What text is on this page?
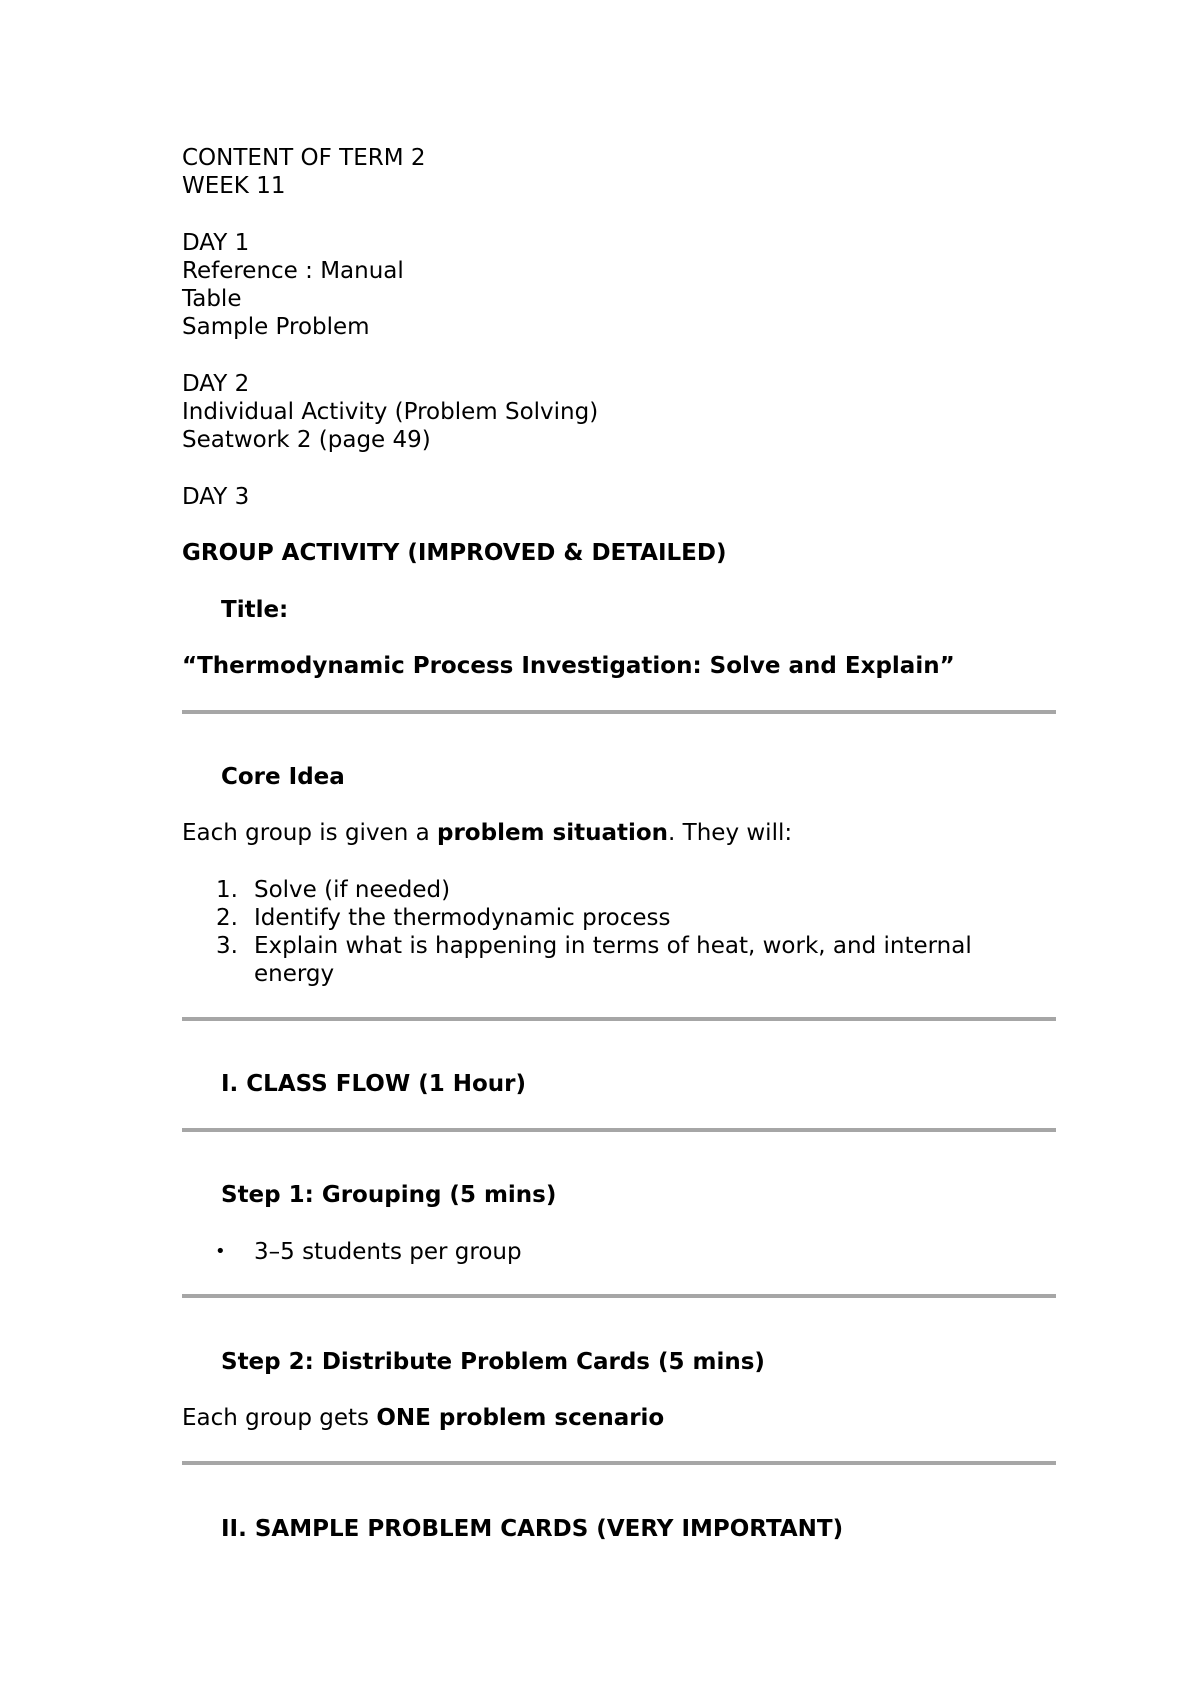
CONTENT OF TERM 2

WEEK 11

DAY 1

Reference : Manual

Table

Sample Problem

DAY 2

Individual Activity (Problem Solving)

Seatwork 2 (page 49)

DAY 3

GROUP ACTIVITY (IMPROVED & DETAILED)

Title:

“Thermodynamic Process Investigation: Solve and Explain”

Core Idea

Each group is given a problem situation. They will:

1. Solve (if needed)

2. Identify the thermodynamic process

3. Explain what is happening in terms of heat, work, and internal

energy

I. CLASS FLOW (1 Hour)

Step 1: Grouping (5 mins)

• 3–5 students per group

Step 2: Distribute Problem Cards (5 mins)

Each group gets ONE problem scenario

II. SAMPLE PROBLEM CARDS (VERY IMPORTANT)
